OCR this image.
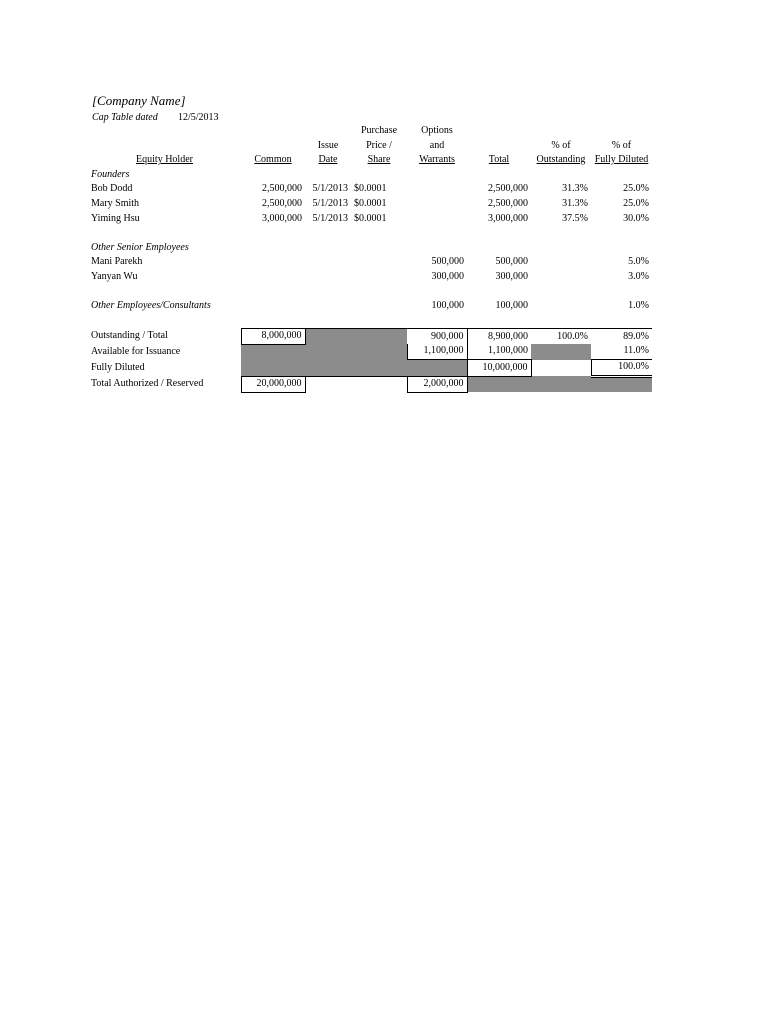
[Company Name]
Cap Table dated 12/5/2013
			Purchase	Options			
		Issue	Price /	and		% of	% of
Equity Holder	Common	Date	Share	Warrants	Total	Outstanding	Fully Diluted
Founders							
Bob Dodd	2,500,000	5/1/2013	$0.0001		2,500,000	31.3%	25.0%
Mary Smith	2,500,000	5/1/2013	$0.0001		2,500,000	31.3%	25.0%
Yiming Hsu	3,000,000	5/1/2013	$0.0001		3,000,000	37.5%	30.0%

Other Senior Employees							
Mani Parekh				500,000	500,000		5.0%
Yanyan Wu				300,000	300,000		3.0%

Other Employees/Consultants				100,000	100,000		1.0%

Outstanding / Total	8,000,000			900,000	8,900,000	100.0%	89.0%
Available for Issuance				1,100,000	1,100,000		11.0%
Fully Diluted					10,000,000		100.0%
Total Authorized / Reserved	20,000,000			2,000,000			
